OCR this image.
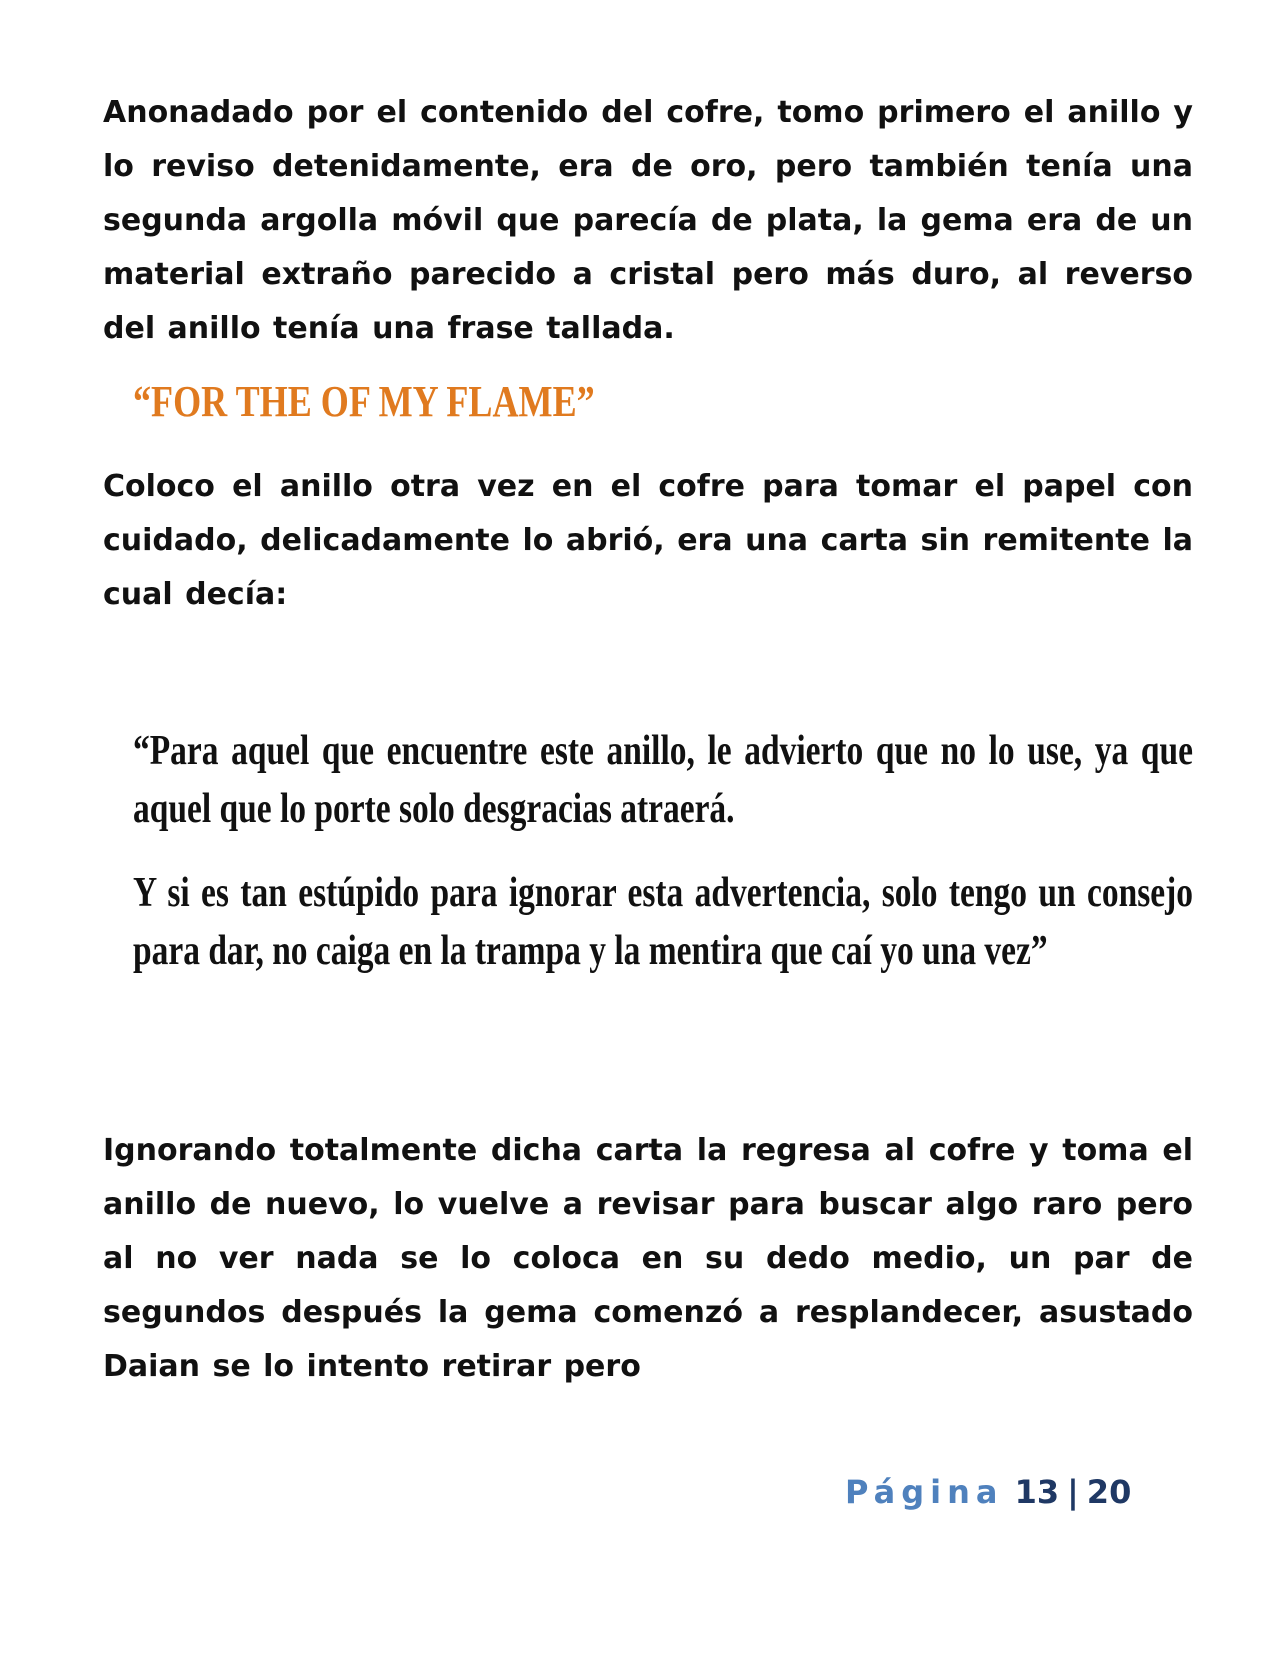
Anonadado por el contenido del cofre, tomo primero el anillo y lo reviso detenidamente, era de oro, pero también tenía una segunda argolla móvil que parecía de plata, la gema era de un material extraño parecido a cristal pero más duro, al reverso del anillo tenía una frase tallada.

“FOR THE OF MY FLAME”

Coloco el anillo otra vez en el cofre para tomar el papel con cuidado, delicadamente lo abrió, era una carta sin remitente la cual decía:

“Para aquel que encuentre este anillo, le advierto que no lo use, ya que aquel que lo porte solo desgracias atraerá.

Y si es tan estúpido para ignorar esta advertencia, solo tengo un consejo para dar, no caiga en la trampa y la mentira que caí yo una vez”

Ignorando totalmente dicha carta la regresa al cofre y toma el anillo de nuevo, lo vuelve a revisar para buscar algo raro pero al no ver nada se lo coloca en su dedo medio, un par de segundos después la gema comenzó a resplandecer, asustado Daian se lo intento retirar pero

Página 13 | 20
